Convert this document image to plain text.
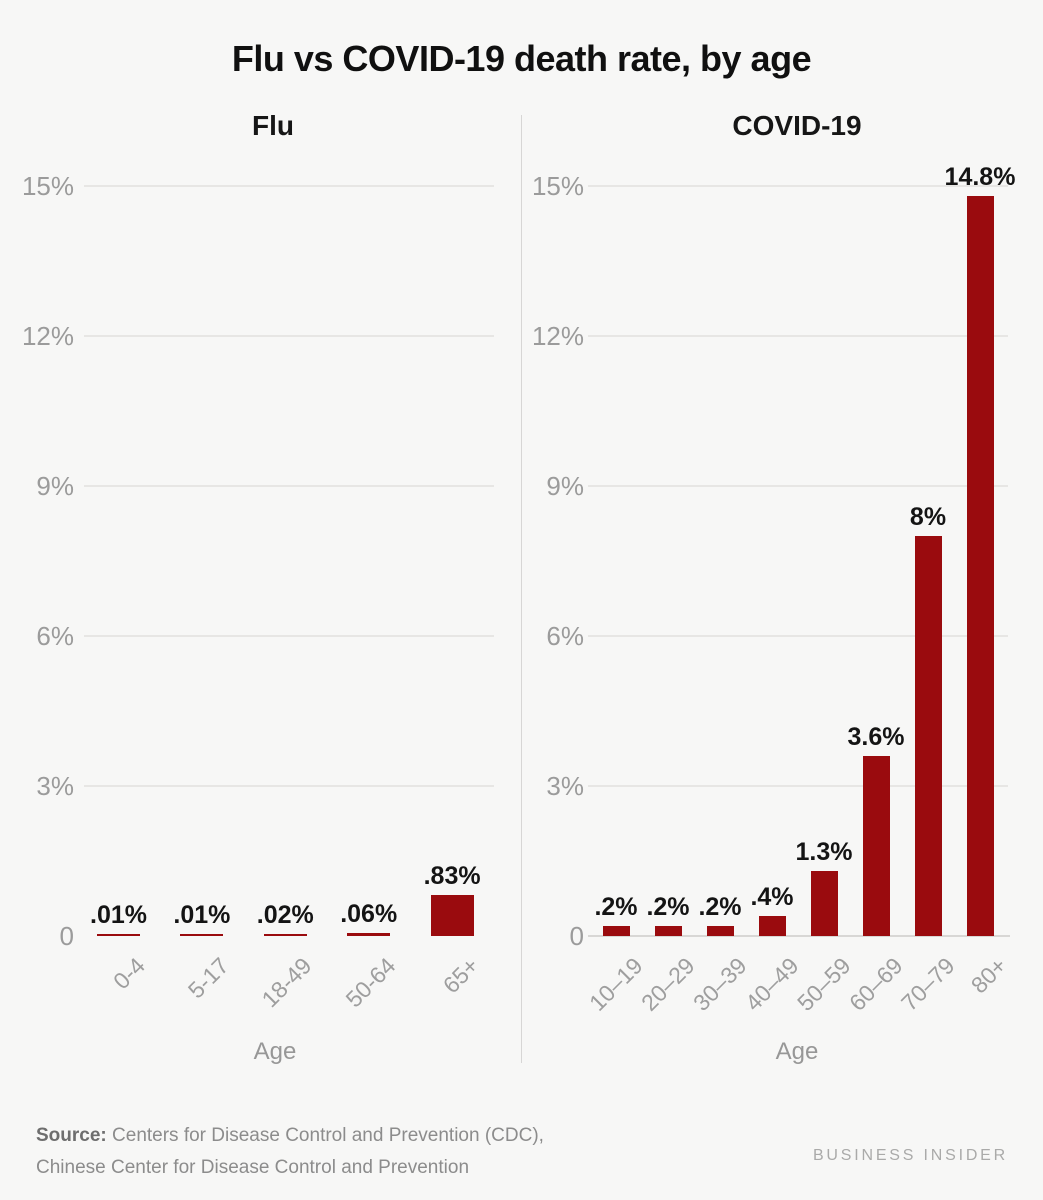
Flu vs COVID-19 death rate, by age
Flu	COVID-19
15%
12%
9%
6%
3%
0
.01%
0-4
.01%
5-17
.02%
18-49
.06%
50-64
.83%
65+
15%
12%
9%
6%
3%
0
.2%
10–19
.2%
20–29
.2%
30–39
.4%
40–49
1.3%
50–59
3.6%
60–69
8%
70–79
14.8%
80+
Age	Age
Source: Centers for Disease Control and Prevention (CDC),
Chinese Center for Disease Control and Prevention
BUSINESS INSIDER
